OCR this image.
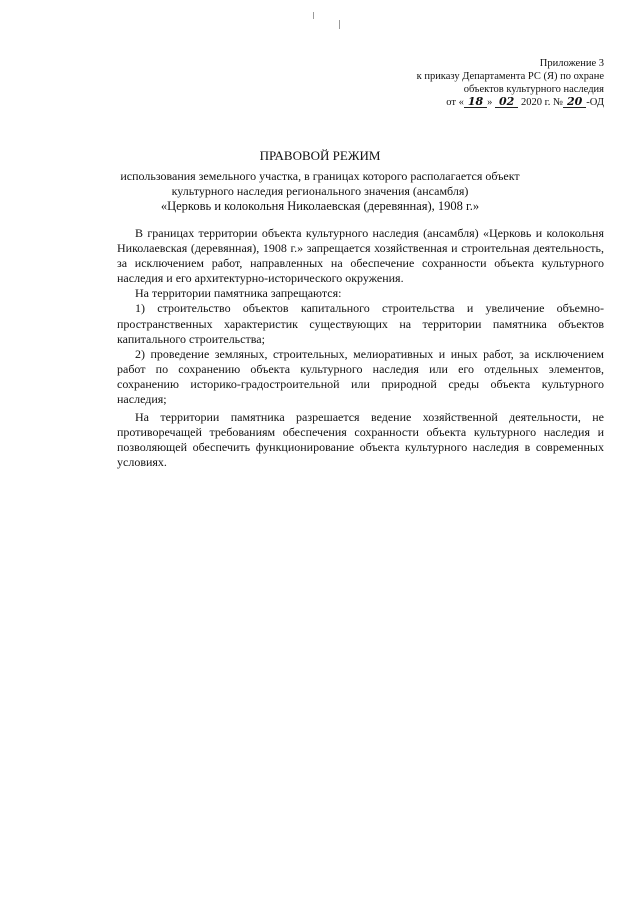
Приложение 3
к приказу Департамента РС (Я) по охране
объектов культурного наследия
от « 18 » 02 2020 г. № 20 -ОД
ПРАВОВОЙ РЕЖИМ
использования земельного участка, в границах которого располагается объект
культурного наследия регионального значения (ансамбля)
«Церковь и колокольня Николаевская (деревянная), 1908 г.»

В границах территории объекта культурного наследия (ансамбля) «Церковь и колокольня Николаевская (деревянная), 1908 г.» запрещается хозяйственная и строительная деятельность, за исключением работ, направленных на обеспечение сохранности объекта культурного наследия и его архитектурно-исторического окружения.

На территории памятника запрещаются:

1) строительство объектов капитального строительства и увеличение объемно-пространственных характеристик существующих на территории памятника объектов капитального строительства;

2) проведение земляных, строительных, мелиоративных и иных работ, за исключением работ по сохранению объекта культурного наследия или его отдельных элементов, сохранению историко-градостроительной или природной среды объекта культурного наследия;

На территории памятника разрешается ведение хозяйственной деятельности, не противоречащей требованиям обеспечения сохранности объекта культурного наследия и позволяющей обеспечить функционирование объекта культурного наследия в современных условиях.
